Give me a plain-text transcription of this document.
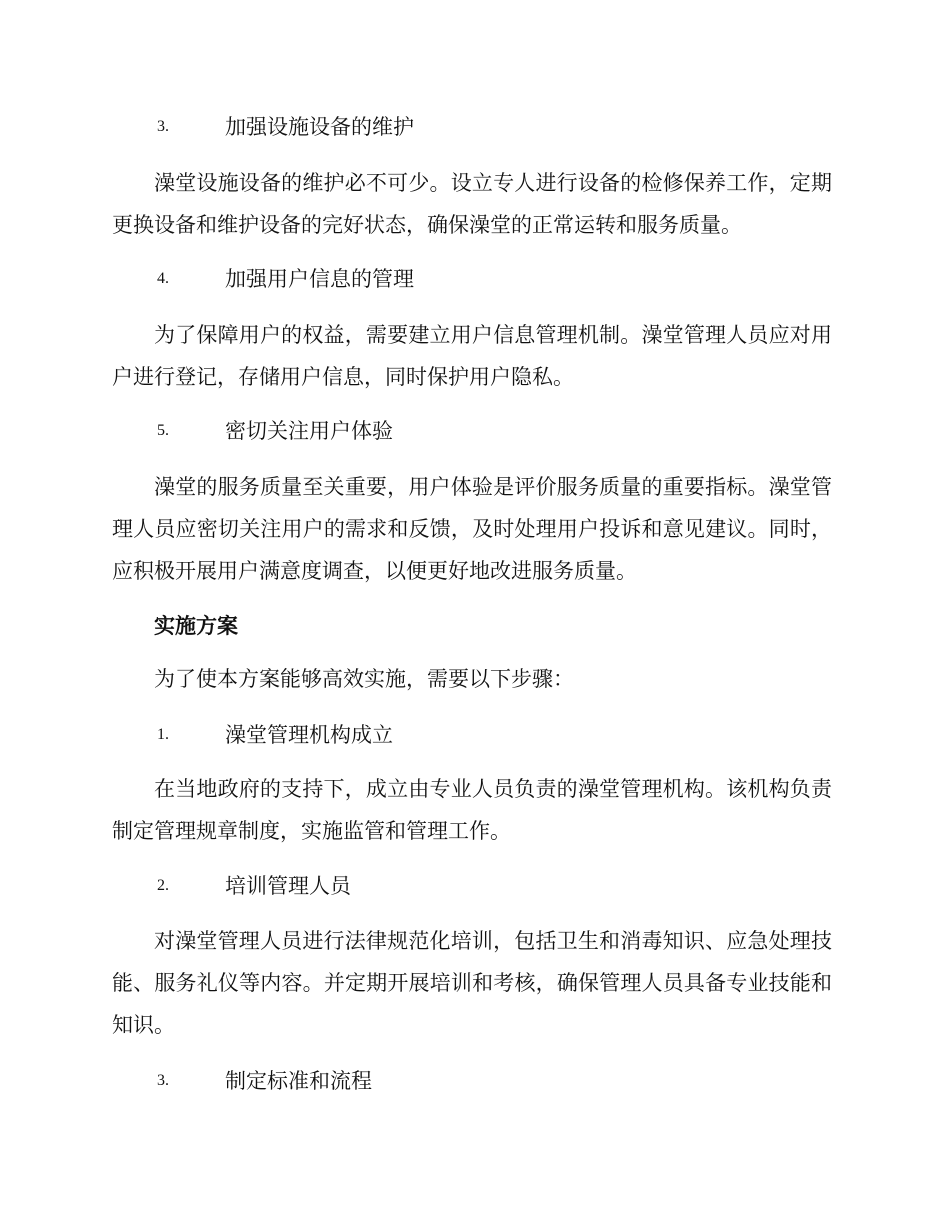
3.	加强设施设备的维护

澡堂设施设备的维护必不可少。设立专人进行设备的检修保养工作，定期更换设备和维护设备的完好状态，确保澡堂的正常运转和服务质量。

4.	加强用户信息的管理

为了保障用户的权益，需要建立用户信息管理机制。澡堂管理人员应对用户进行登记，存储用户信息，同时保护用户隐私。

5.	密切关注用户体验

澡堂的服务质量至关重要，用户体验是评价服务质量的重要指标。澡堂管理人员应密切关注用户的需求和反馈，及时处理用户投诉和意见建议。同时，应积极开展用户满意度调查，以便更好地改进服务质量。

实施方案

为了使本方案能够高效实施，需要以下步骤：

1.	澡堂管理机构成立

在当地政府的支持下，成立由专业人员负责的澡堂管理机构。该机构负责制定管理规章制度，实施监管和管理工作。

2.	培训管理人员

对澡堂管理人员进行法律规范化培训，包括卫生和消毒知识、应急处理技能、服务礼仪等内容。并定期开展培训和考核，确保管理人员具备专业技能和知识。

3.	制定标准和流程
